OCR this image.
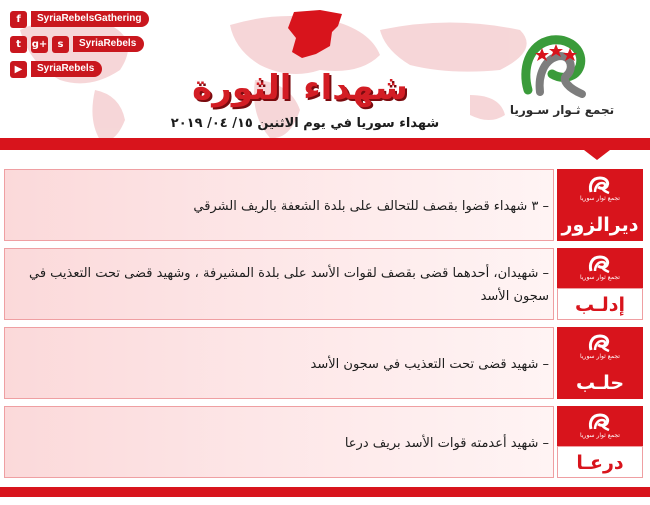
f	SyriaRebelsGathering
t	g+	s	SyriaRebels
▶	SyriaRebels	شهداء الثورة
شهداء سوريا في يوم الاثنين ١٥/ ٠٤/ ٢٠١٩
تجمع ثـوار سـوريا
– ٣ شهداء قضوا بقصف للتحالف على بلدة الشعفة بالريف الشرقي	تجمع ثوار سوريا
ديرالزور
– شهيدان، أحدهما قضى بقصف لقوات الأسد على بلدة المشيرفة ، وشهيد قضى تحت التعذيب في سجون الأسد
تجمع ثوار سوريا
إدلـب
– شهيد قضى تحت التعذيب في سجون الأسد	تجمع ثوار سوريا
حلـب
– شهيد أعدمته قوات الأسد بريف درعا	تجمع ثوار سوريا
درعـا
